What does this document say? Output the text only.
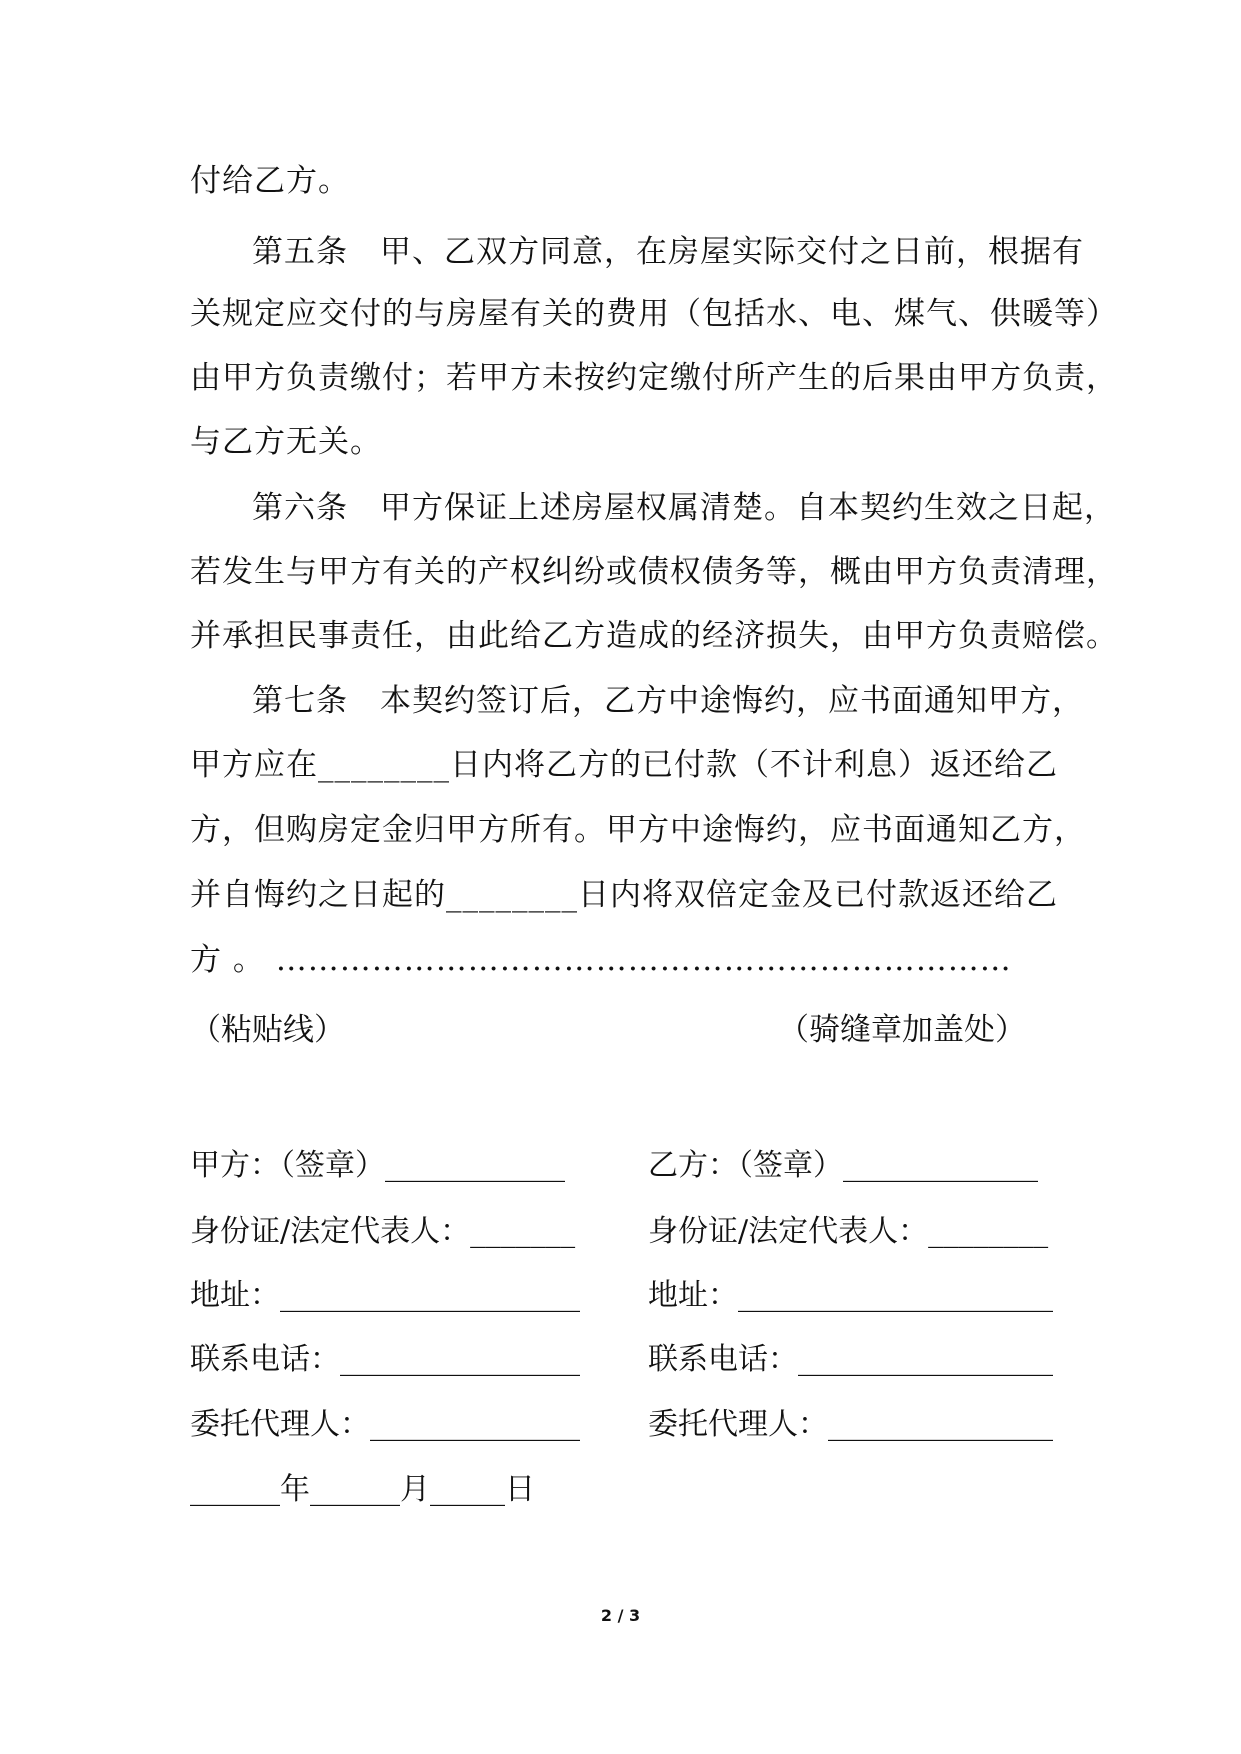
付给乙方。
第五条　甲、乙双方同意，在房屋实际交付之日前，根据有
关规定应交付的与房屋有关的费用（包括水、电、煤气、供暖等）
由甲方负责缴付；若甲方未按约定缴付所产生的后果由甲方负责，
与乙方无关。
第六条　甲方保证上述房屋权属清楚。自本契约生效之日起，
若发生与甲方有关的产权纠纷或债权债务等，概由甲方负责清理，
并承担民事责任，由此给乙方造成的经济损失，由甲方负责赔偿。
第七条　本契约签订后，乙方中途悔约，应书面通知甲方，
甲方应在________日内将乙方的已付款（不计利息）返还给乙
方，但购房定金归甲方所有。甲方中途悔约，应书面通知乙方，
并自悔约之日起的________日内将双倍定金及已付款返还给乙
方 。 ……………………………………………………………
（粘贴线）	（骑缝章加盖处）
甲方：（签章）____________	乙方：（签章）_____________
身份证/法定代表人：_______ 身份证/法定代表人：________
地址：____________________ 地址：_____________________
联系电话：________________ 联系电话：_________________
委托代理人：______________ 委托代理人：_______________
______年______月_____日
2 / 3
